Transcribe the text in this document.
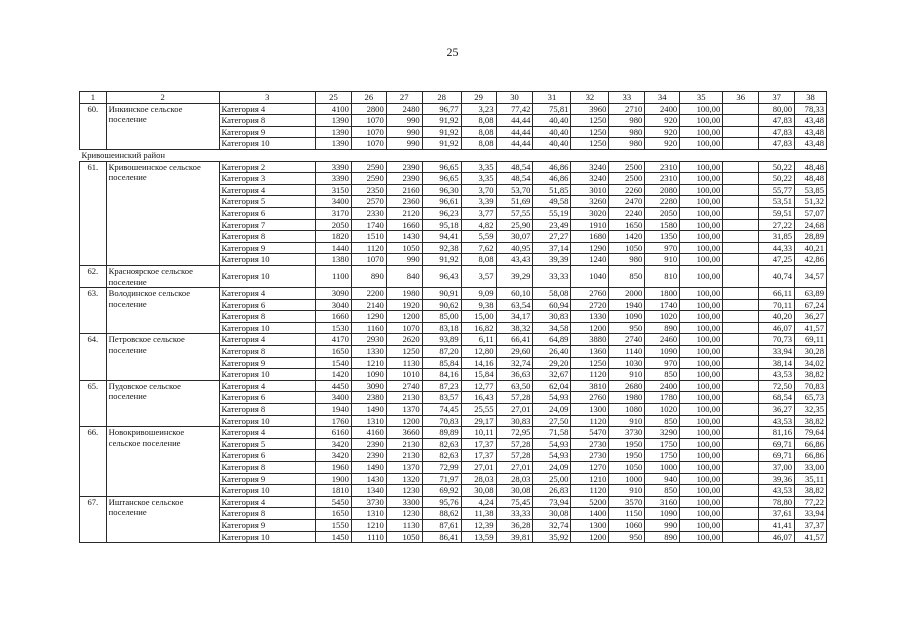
25
1	2	3	25	26	27	28	29	30	31	32	33	34	35	36	37	38
60.	Инкинское сельское поселение	Категория 4	4100	2800	2480	96,77	3,23	77,42	75,81	3960	2710	2400	100,00		80,00	78,33
		Категория 8	1390	1070	990	91,92	8,08	44,44	40,40	1250	980	920	100,00		47,83	43,48
		Категория 9	1390	1070	990	91,92	8,08	44,44	40,40	1250	980	920	100,00		47,83	43,48
		Категория 10	1390	1070	990	91,92	8,08	44,44	40,40	1250	980	920	100,00		47,83	43,48
Кривошеинский район																
61.	Кривошеинское сельское поселение	Категория 2	3390	2590	2390	96,65	3,35	48,54	46,86	3240	2500	2310	100,00		50,22	48,48
		Категория 3	3390	2590	2390	96,65	3,35	48,54	46,86	3240	2500	2310	100,00		50,22	48,48
		Категория 4	3150	2350	2160	96,30	3,70	53,70	51,85	3010	2260	2080	100,00		55,77	53,85
		Категория 5	3400	2570	2360	96,61	3,39	51,69	49,58	3260	2470	2280	100,00		53,51	51,32
		Категория 6	3170	2330	2120	96,23	3,77	57,55	55,19	3020	2240	2050	100,00		59,51	57,07
		Категория 7	2050	1740	1660	95,18	4,82	25,90	23,49	1910	1650	1580	100,00		27,22	24,68
		Категория 8	1820	1510	1430	94,41	5,59	30,07	27,27	1680	1420	1350	100,00		31,85	28,89
		Категория 9	1440	1120	1050	92,38	7,62	40,95	37,14	1290	1050	970	100,00		44,33	40,21
		Категория 10	1380	1070	990	91,92	8,08	43,43	39,39	1240	980	910	100,00		47,25	42,86
62.	Красноярское сельское поселение	Категория 10	1100	890	840	96,43	3,57	39,29	33,33	1040	850	810	100,00		40,74	34,57
63.	Володинское сельское поселение	Категория 4	3090	2200	1980	90,91	9,09	60,10	58,08	2760	2000	1800	100,00		66,11	63,89
		Категория 6	3040	2140	1920	90,62	9,38	63,54	60,94	2720	1940	1740	100,00		70,11	67,24
		Категория 8	1660	1290	1200	85,00	15,00	34,17	30,83	1330	1090	1020	100,00		40,20	36,27
		Категория 10	1530	1160	1070	83,18	16,82	38,32	34,58	1200	950	890	100,00		46,07	41,57
64.	Петровское сельское поселение	Категория 4	4170	2930	2620	93,89	6,11	66,41	64,89	3880	2740	2460	100,00		70,73	69,11
		Категория 8	1650	1330	1250	87,20	12,80	29,60	26,40	1360	1140	1090	100,00		33,94	30,28
		Категория 9	1540	1210	1130	85,84	14,16	32,74	29,20	1250	1030	970	100,00		38,14	34,02
		Категория 10	1420	1090	1010	84,16	15,84	36,63	32,67	1120	910	850	100,00		43,53	38,82
65.	Пудовское сельское поселение	Категория 4	4450	3090	2740	87,23	12,77	63,50	62,04	3810	2680	2400	100,00		72,50	70,83
		Категория 6	3400	2380	2130	83,57	16,43	57,28	54,93	2760	1980	1780	100,00		68,54	65,73
		Категория 8	1940	1490	1370	74,45	25,55	27,01	24,09	1300	1080	1020	100,00		36,27	32,35
		Категория 10	1760	1310	1200	70,83	29,17	30,83	27,50	1120	910	850	100,00		43,53	38,82
66.	Новокривошеинское сельское поселение	Категория 4	6160	4160	3660	89,89	10,11	72,95	71,58	5470	3730	3290	100,00		81,16	79,64
		Категория 5	3420	2390	2130	82,63	17,37	57,28	54,93	2730	1950	1750	100,00		69,71	66,86
		Категория 6	3420	2390	2130	82,63	17,37	57,28	54,93	2730	1950	1750	100,00		69,71	66,86
		Категория 8	1960	1490	1370	72,99	27,01	27,01	24,09	1270	1050	1000	100,00		37,00	33,00
		Категория 9	1900	1430	1320	71,97	28,03	28,03	25,00	1210	1000	940	100,00		39,36	35,11
		Категория 10	1810	1340	1230	69,92	30,08	30,08	26,83	1120	910	850	100,00		43,53	38,82
67.	Иштанское сельское поселение	Категория 4	5450	3730	3300	95,76	4,24	75,45	73,94	5200	3570	3160	100,00		78,80	77,22
		Категория 8	1650	1310	1230	88,62	11,38	33,33	30,08	1400	1150	1090	100,00		37,61	33,94
		Категория 9	1550	1210	1130	87,61	12,39	36,28	32,74	1300	1060	990	100,00		41,41	37,37
		Категория 10	1450	1110	1050	86,41	13,59	39,81	35,92	1200	950	890	100,00		46,07	41,57
